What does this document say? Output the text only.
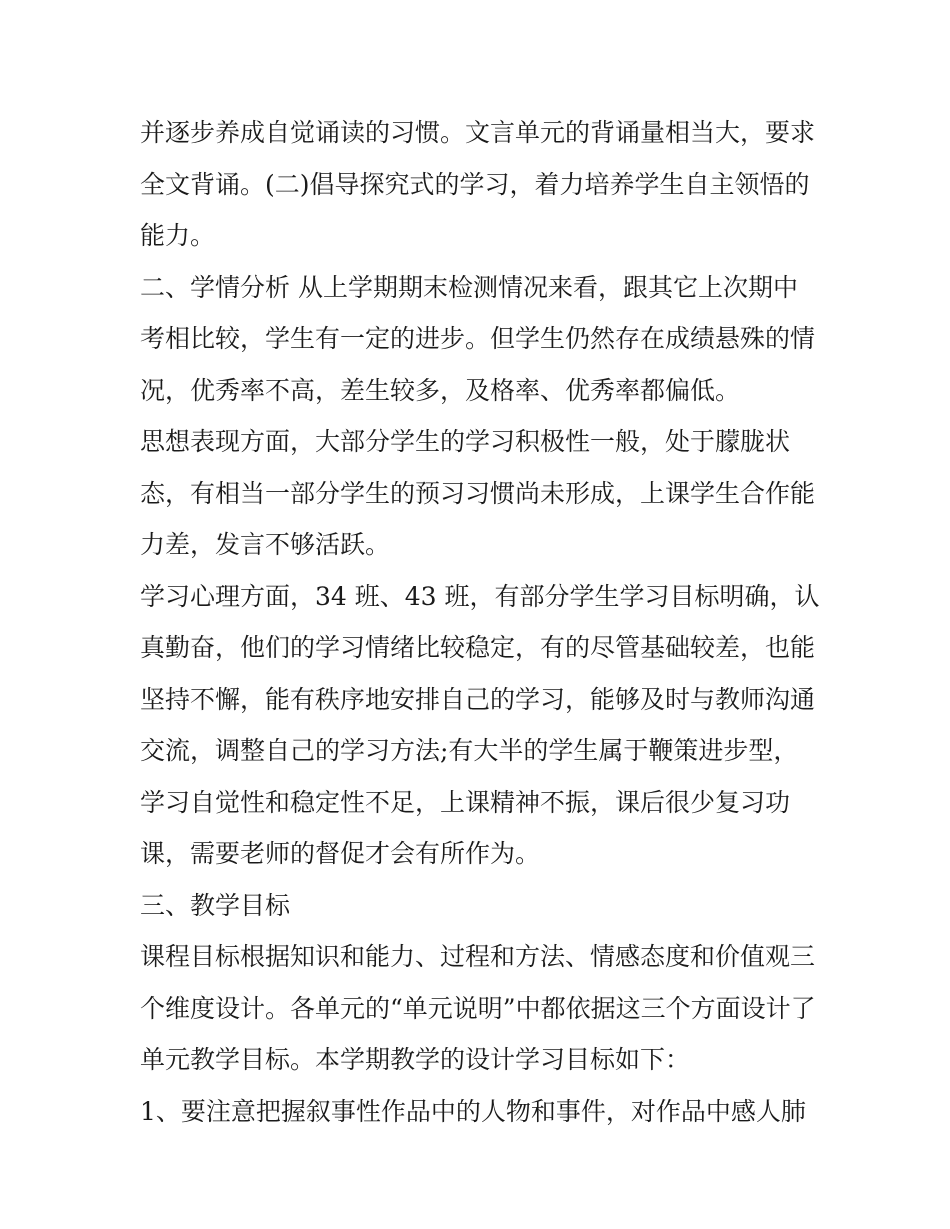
并逐步养成自觉诵读的习惯。文言单元的背诵量相当大，要求
全文背诵。(二)倡导探究式的学习，着力培养学生自主领悟的
能力。
二、学情分析 从上学期期末检测情况来看，跟其它上次期中
考相比较，学生有一定的进步。但学生仍然存在成绩悬殊的情
况，优秀率不高，差生较多，及格率、优秀率都偏低。
思想表现方面，大部分学生的学习积极性一般，处于朦胧状
态，有相当一部分学生的预习习惯尚未形成，上课学生合作能
力差，发言不够活跃。
学习心理方面，34 班、43 班，有部分学生学习目标明确，认
真勤奋，他们的学习情绪比较稳定，有的尽管基础较差，也能
坚持不懈，能有秩序地安排自己的学习，能够及时与教师沟通
交流，调整自己的学习方法;有大半的学生属于鞭策进步型，
学习自觉性和稳定性不足，上课精神不振，课后很少复习功
课，需要老师的督促才会有所作为。
三、教学目标
课程目标根据知识和能力、过程和方法、情感态度和价值观三
个维度设计。各单元的“单元说明”中都依据这三个方面设计了
单元教学目标。本学期教学的设计学习目标如下：
1、要注意把握叙事性作品中的人物和事件，对作品中感人肺
